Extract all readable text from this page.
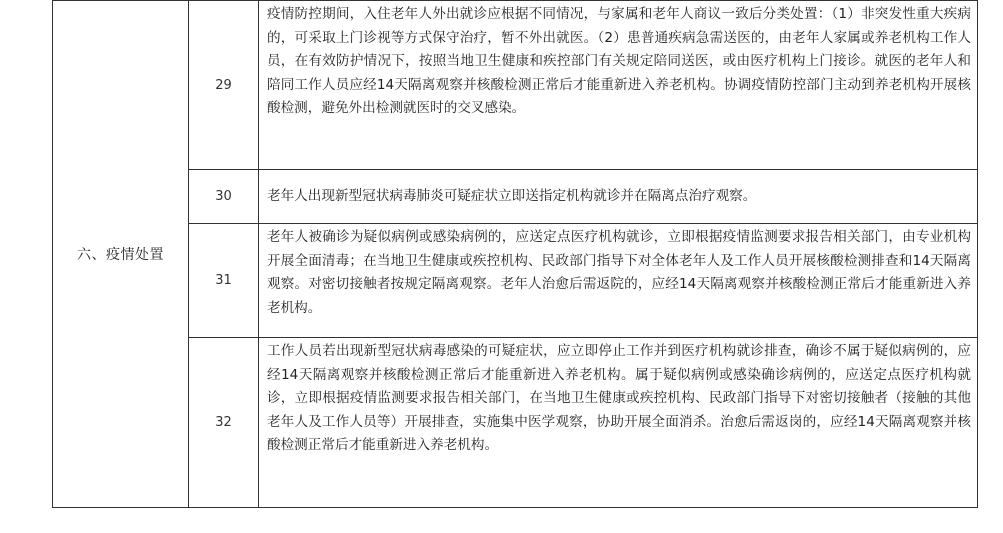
六、疫情处置	29	疫情防控期间，入住老年人外出就诊应根据不同情况，与家属和老年人商议一致后分类处置：（1）非突发性重大疾病的，可采取上门诊视等方式保守治疗，暂不外出就医。（2）患普通疾病急需送医的，由老年人家属或养老机构工作人员，在有效防护情况下，按照当地卫生健康和疾控部门有关规定陪同送医，或由医疗机构上门接诊。就医的老年人和陪同工作人员应经14天隔离观察并核酸检测正常后才能重新进入养老机构。协调疫情防控部门主动到养老机构开展核酸检测，避免外出检测就医时的交叉感染。
	30	老年人出现新型冠状病毒肺炎可疑症状立即送指定机构就诊并在隔离点治疗观察。
	31	老年人被确诊为疑似病例或感染病例的，应送定点医疗机构就诊，立即根据疫情监测要求报告相关部门，由专业机构开展全面清毒；在当地卫生健康或疾控机构、民政部门指导下对全体老年人及工作人员开展核酸检测排查和14天隔离观察。对密切接触者按规定隔离观察。老年人治愈后需返院的，应经14天隔离观察并核酸检测正常后才能重新进入养老机构。
	32	工作人员若出现新型冠状病毒感染的可疑症状，应立即停止工作并到医疗机构就诊排查，确诊不属于疑似病例的，应经14天隔离观察并核酸检测正常后才能重新进入养老机构。属于疑似病例或感染确诊病例的，应送定点医疗机构就诊，立即根据疫情监测要求报告相关部门，在当地卫生健康或疾控机构、民政部门指导下对密切接触者（接触的其他老年人及工作人员等）开展排查，实施集中医学观察，协助开展全面消杀。治愈后需返岗的，应经14天隔离观察并核酸检测正常后才能重新进入养老机构。
